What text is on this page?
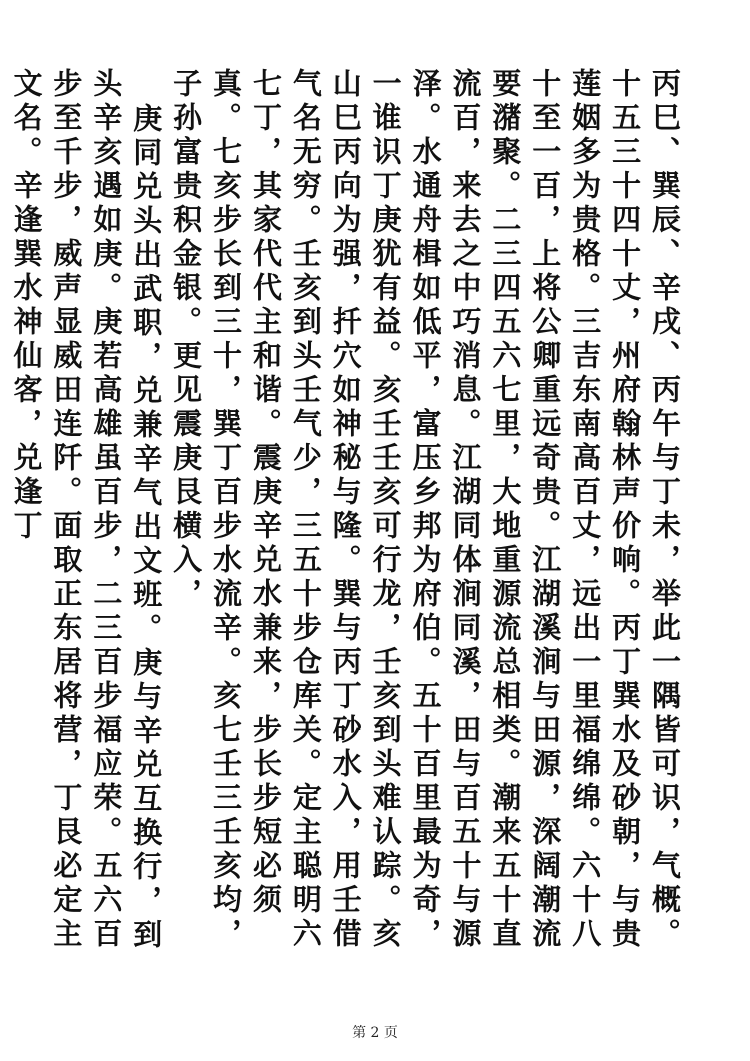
丙巳、巽辰、辛戌、丙午与丁未，举此一隅皆可识，气概。十五三十四十丈，州府翰林声价响。丙丁巽水及砂朝，与贵莲姻多为贵格。三吉东南高百丈，远出一里福绵绵。六十八十至一百，上将公卿重远奇贵。江湖溪涧与田源，深阔潮流要潴聚。二三四五六七里，大地重源流总相类。潮来五十直流百，来去之中巧消息。江湖同体涧同溪，田与百五十与源泽。水通舟楫如低平，富压乡邦为府伯。五十百里最为奇，一谁识丁庚犹有益。亥壬壬亥可行龙，壬亥到头难认踪。亥山巳丙向为强，扦穴如神秘与隆。巽与丙丁砂水入，用壬借气名无穷。壬亥到头壬气少，三五十步仓库关。定主聪明六七丁，其家代代主和谐。震庚辛兑水兼来，步长步短必须真。七亥步长到三十，巽丁百步水流辛。亥七壬三壬亥均，子孙富贵积金银。更见震庚艮横入，

庚同兑头出武职，兑兼辛气出文班。庚与辛兑互换行，到头辛亥遇如庚。庚若高雄虽百步，二三百步福应荣。五六百步至千步，威声显威田连阡。面取正东居将营，丁艮必定主文名。辛逢巽水神仙客，兑逢丁

第 2 页
